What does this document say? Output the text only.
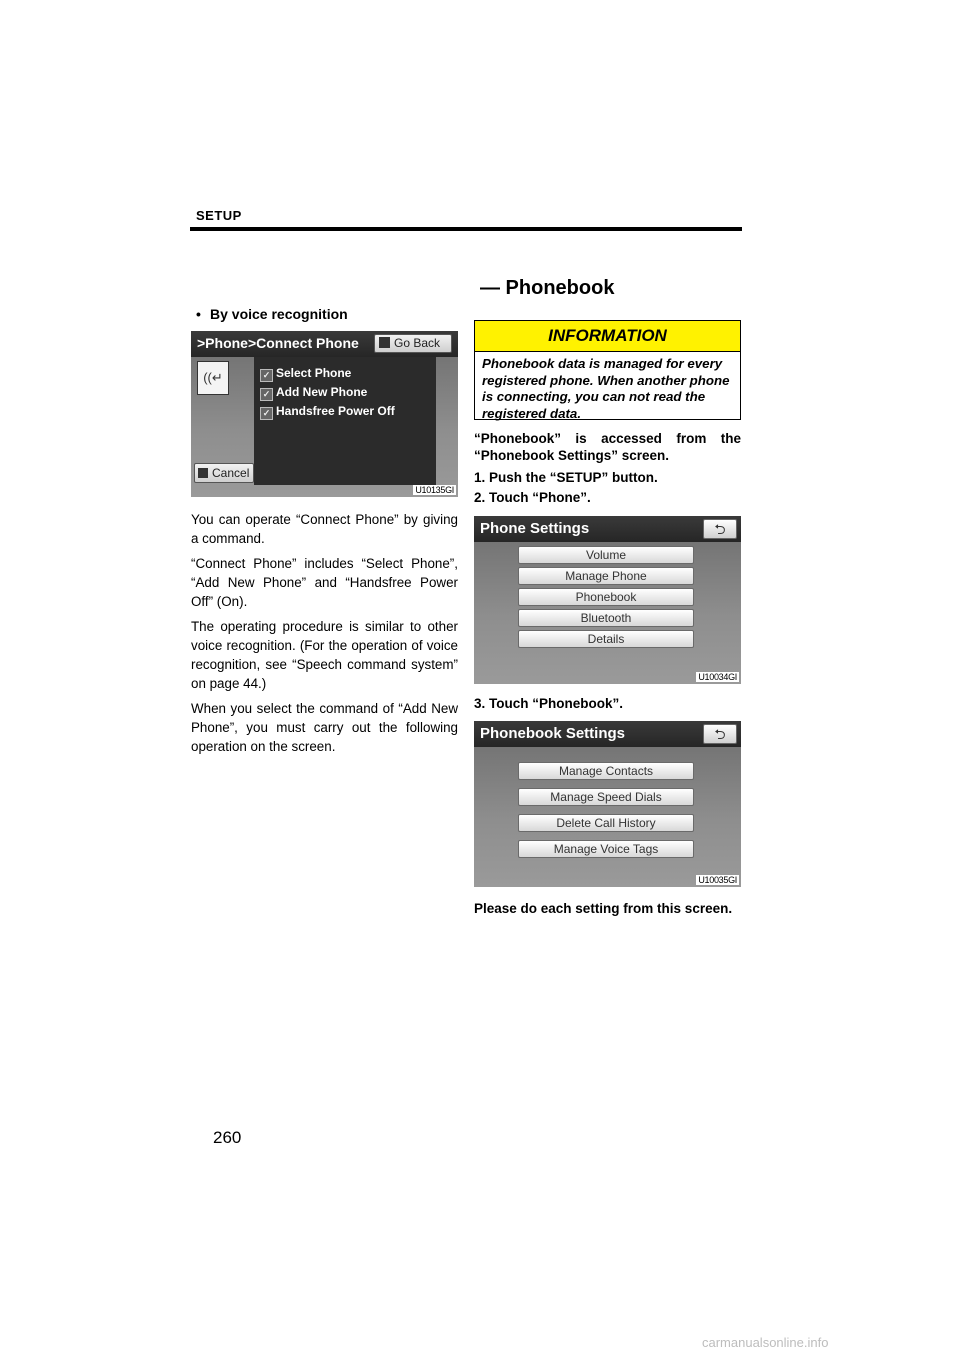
SETUP
— Phonebook
• By voice recognition
>Phone>Connect Phone	Go Back
((↵	✓ Select Phone
✓ Add New Phone
✓ Handsfree Power Off
Cancel
U10135GI

You can operate “Connect Phone” by giving a command.

“Connect Phone” includes “Select Phone”, “Add New Phone” and “Handsfree Power Off” (On).

The operating procedure is similar to other voice recognition. (For the operation of voice recognition, see “Speech command system” on page 44.)

When you select the command of “Add New Phone”, you must carry out the following operation on the screen.

INFORMATION
Phonebook data is managed for every registered phone. When another phone is connecting, you can not read the registered data.
“Phonebook” is accessed from the “Phonebook Settings” screen.
1. Push the “SETUP” button.
2. Touch “Phone”.
Phone Settings	⮌
Volume
Manage Phone
Phonebook
Bluetooth
Details
U10034GI
3. Touch “Phonebook”.
Phonebook Settings	⮌
Manage Contacts
Manage Speed Dials
Delete Call History
Manage Voice Tags
U10035GI
Please do each setting from this screen.
260
carmanualsonline.info
